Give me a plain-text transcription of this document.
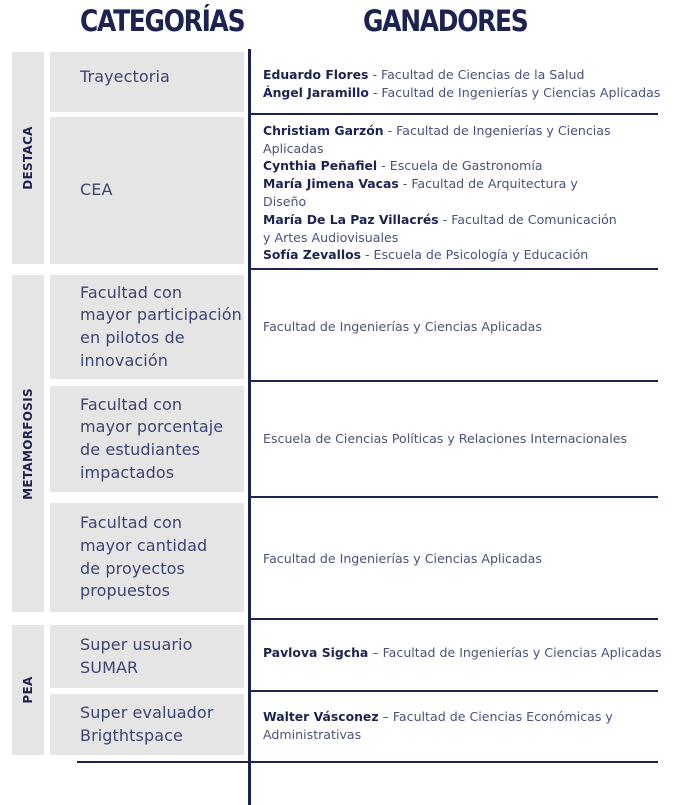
CATEGORÍAS	GANADORES
DESTACA
METAMORFOSIS
PEA
Trayectoria
CEA
Facultad con
mayor participación
en pilotos de
innovación
Facultad con
mayor porcentaje
de estudiantes
impactados
Facultad con
mayor cantidad
de proyectos
propuestos
Super usuario
SUMAR
Super evaluador
Brigthtspace
Eduardo Flores - Facultad de Ciencias de la Salud
Ángel Jaramillo - Facultad de Ingenierías y Ciencias Aplicadas
Christiam Garzón - Facultad de Ingenierías y Ciencias Aplicadas
Cynthia Peñafiel - Escuela de Gastronomía
María Jimena Vacas - Facultad de Arquitectura y Diseño
María De La Paz Villacrés - Facultad de Comunicación y Artes Audiovisuales
Sofía Zevallos - Escuela de Psicología y Educación
Facultad de Ingenierías y Ciencias Aplicadas
Escuela de Ciencias Políticas y Relaciones Internacionales
Facultad de Ingenierías y Ciencias Aplicadas
Pavlova Sigcha – Facultad de Ingenierías y Ciencias Aplicadas
Walter Vásconez – Facultad de Ciencias Económicas y Administrativas
